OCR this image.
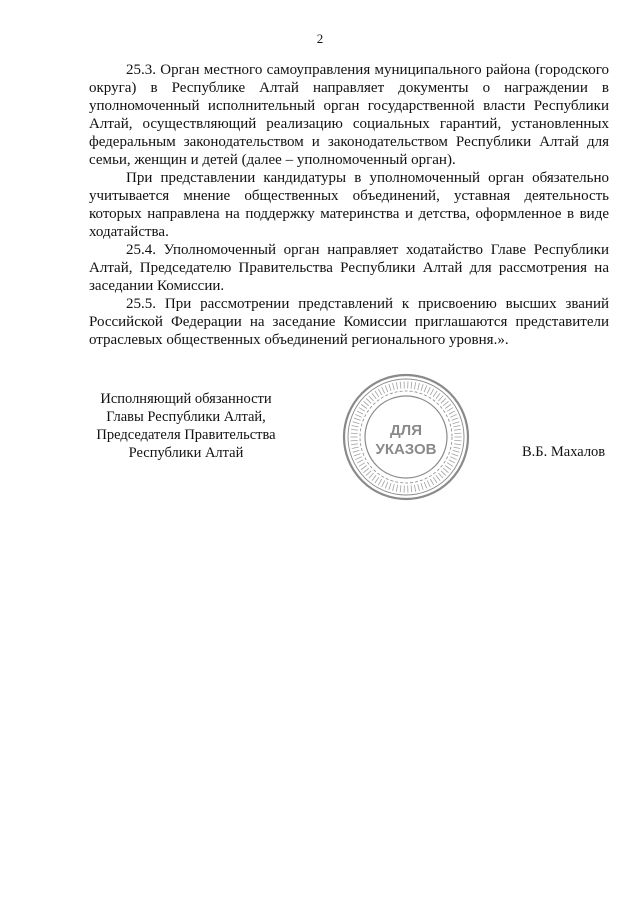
2

25.3. Орган местного самоуправления муниципального района (городского округа) в Республике Алтай направляет документы о награждении в уполномоченный исполнительный орган государственной власти Республики Алтай, осуществляющий реализацию социальных гарантий, установленных федеральным законодательством и законодательством Республики Алтай для семьи, женщин и детей (далее – уполномоченный орган).

При представлении кандидатуры в уполномоченный орган обязательно учитывается мнение общественных объединений, уставная деятельность которых направлена на поддержку материнства и детства, оформленное в виде ходатайства.

25.4. Уполномоченный орган направляет ходатайство Главе Республики Алтай, Председателю Правительства Республики Алтай для рассмотрения на заседании Комиссии.

25.5. При рассмотрении представлений к присвоению высших званий Российской Федерации на заседание Комиссии приглашаются представители отраслевых общественных объединений регионального уровня.».

Исполняющий обязанности
Главы Республики Алтай,
Председателя Правительства
Республики Алтай
ДЛЯ
УКАЗОВ	В.Б. Махалов
